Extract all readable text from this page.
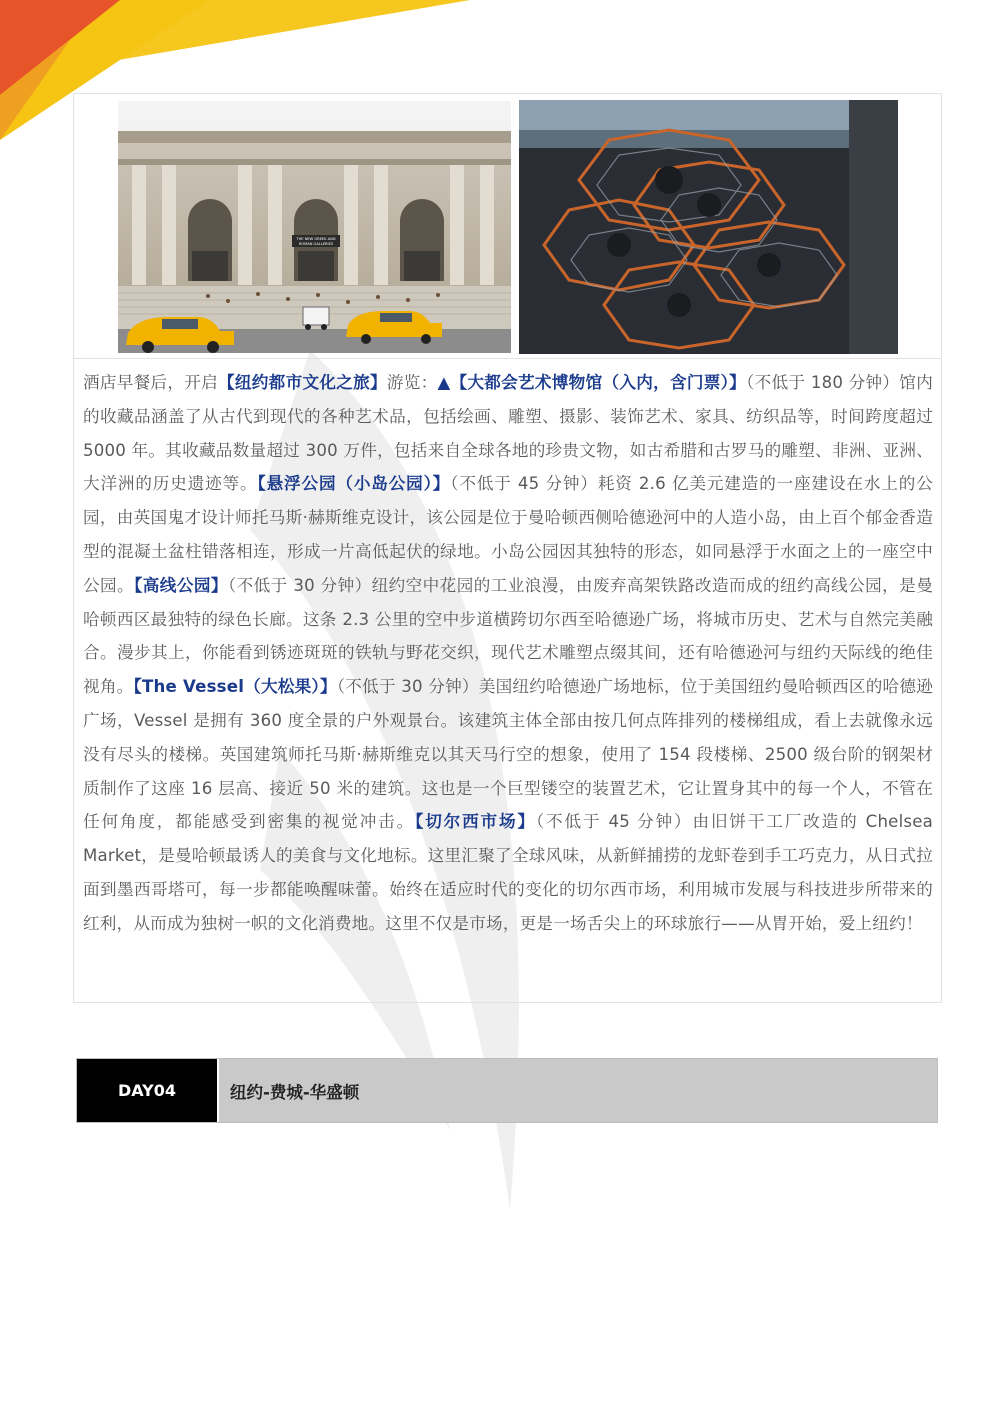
THE NEW GREEK AND
ROMAN GALLERIES
酒店早餐后，开启【纽约都市文化之旅】游览：▲【大都会艺术博物馆（入内，含门票）】（不低于 180 分钟）馆内的收藏品涵盖了从古代到现代的各种艺术品，包括绘画、雕塑、摄影、装饰艺术、家具、纺织品等，时间跨度超过 5000 年。其收藏品数量超过 300 万件，包括来自全球各地的珍贵文物，如古希腊和古罗马的雕塑、非洲、亚洲、大洋洲的历史遗迹等。【悬浮公园（小岛公园）】（不低于 45 分钟）耗资 2.6 亿美元建造的一座建设在水上的公园，由英国鬼才设计师托马斯·赫斯维克设计，该公园是位于曼哈顿西侧哈德逊河中的人造小岛，由上百个郁金香造型的混凝土盆柱错落相连，形成一片高低起伏的绿地。小岛公园因其独特的形态，如同悬浮于水面之上的一座空中公园。【高线公园】（不低于 30 分钟）纽约空中花园的工业浪漫，由废弃高架铁路改造而成的纽约高线公园，是曼哈顿西区最独特的绿色长廊。这条 2.3 公里的空中步道横跨切尔西至哈德逊广场，将城市历史、艺术与自然完美融合。漫步其上，你能看到锈迹斑斑的铁轨与野花交织，现代艺术雕塑点缀其间，还有哈德逊河与纽约天际线的绝佳视角。【The Vessel（大松果）】（不低于 30 分钟）美国纽约哈德逊广场地标，位于美国纽约曼哈顿西区的哈德逊广场，Vessel 是拥有 360 度全景的户外观景台。该建筑主体全部由按几何点阵排列的楼梯组成，看上去就像永远没有尽头的楼梯。英国建筑师托马斯·赫斯维克以其天马行空的想象，使用了 154 段楼梯、2500 级台阶的钢架材质制作了这座 16 层高、接近 50 米的建筑。这也是一个巨型镂空的装置艺术，它让置身其中的每一个人，不管在任何角度，都能感受到密集的视觉冲击。【切尔西市场】（不低于 45 分钟）由旧饼干工厂改造的 Chelsea Market，是曼哈顿最诱人的美食与文化地标。这里汇聚了全球风味，从新鲜捕捞的龙虾卷到手工巧克力，从日式拉面到墨西哥塔可，每一步都能唤醒味蕾。始终在适应时代的变化的切尔西市场，利用城市发展与科技进步所带来的红利，从而成为独树一帜的文化消费地。这里不仅是市场，更是一场舌尖上的环球旅行——从胃开始，爱上纽约！
DAY04	纽约-费城-华盛顿
